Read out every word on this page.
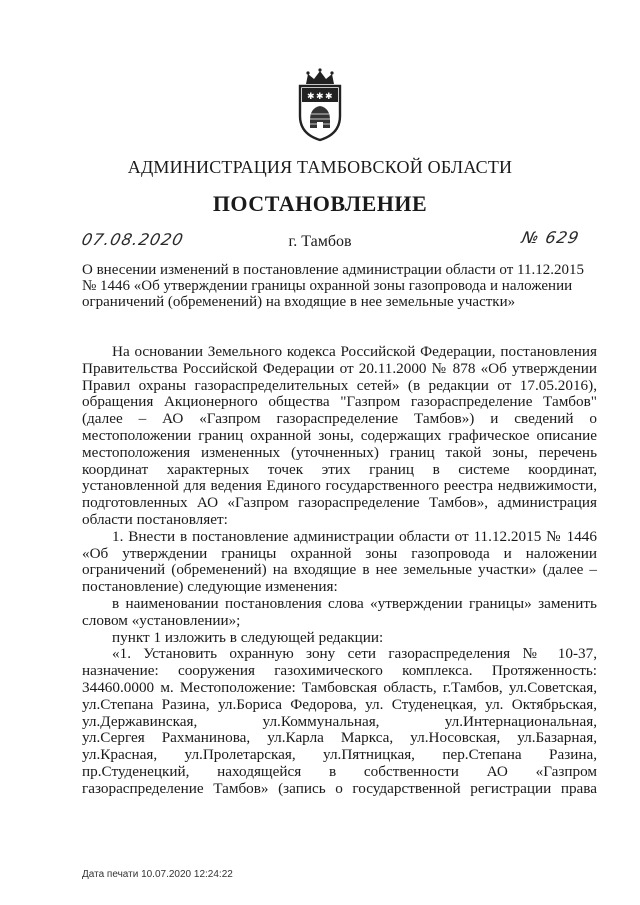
✱ ✱ ✱
АДМИНИСТРАЦИЯ ТАМБОВСКОЙ ОБЛАСТИ
ПОСТАНОВЛЕНИЕ
07.08.2020	г. Тамбов	№ 629
О внесении изменений в постановление администрации области от 11.12.2015 № 1446 «Об утверждении границы охранной зоны газопровода и наложении ограничений (обременений) на входящие в нее земельные участки»
На основании Земельного кодекса Российской Федерации, постановления
Правительства Российской Федерации от 20.11.2000 № 878 «Об утверждении
Правил охраны газораспределительных сетей» (в редакции от 17.05.2016),
обращения Акционерного общества "Газпром газораспределение Тамбов"
(далее – АО «Газпром газораспределение Тамбов») и сведений о
местоположении границ охранной зоны, содержащих графическое описание
местоположения измененных (уточненных) границ такой зоны, перечень
координат характерных точек этих границ в системе координат,
установленной для ведения Единого государственного реестра недвижимости,
подготовленных АО «Газпром газораспределение Тамбов», администрация
области постановляет:
1. Внести в постановление администрации области от 11.12.2015 № 1446
«Об утверждении границы охранной зоны газопровода и наложении
ограничений (обременений) на входящие в нее земельные участки» (далее –
постановление) следующие изменения:
в наименовании постановления слова «утверждении границы» заменить
словом «установлении»;
пункт 1 изложить в следующей редакции:
«1. Установить охранную зону сети газораспределения № 10-37,
назначение: сооружения газохимического комплекса. Протяженность:
34460.0000 м. Местоположение: Тамбовская область, г.Тамбов, ул.Советская,
ул.Степана Разина, ул.Бориса Федорова, ул. Студенецкая, ул. Октябрьская,
ул.Державинская, ул.Коммунальная, ул.Интернациональная,
ул.Сергея Рахманинова, ул.Карла Маркса, ул.Носовская, ул.Базарная,
ул.Красная, ул.Пролетарская, ул.Пятницкая, пер.Степана Разина,
пр.Студенецкий, находящейся в собственности АО «Газпром
газораспределение Тамбов» (запись о государственной регистрации права
Дата печати 10.07.2020 12:24:22
